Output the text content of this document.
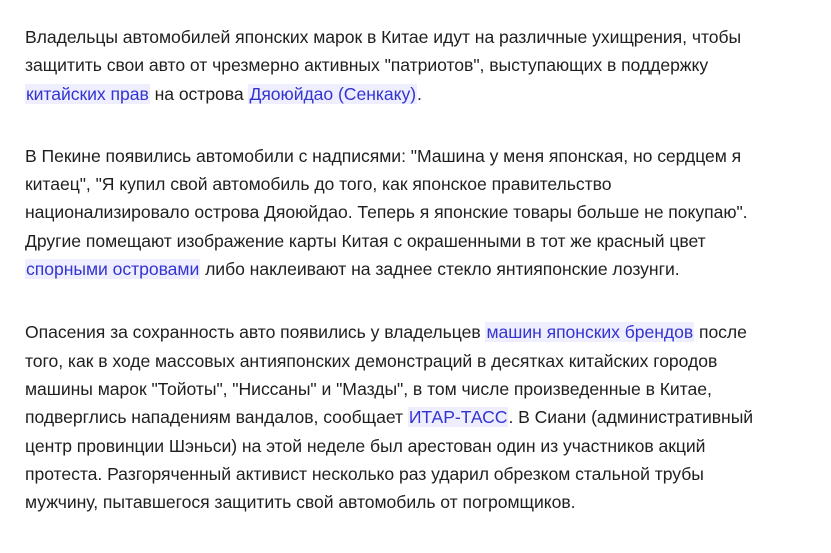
Владельцы автомобилей японских марок в Китае идут на различные ухищрения, чтобы
защитить свои авто от чрезмерно активных "патриотов", выступающих в поддержку
китайских прав на острова Дяоюйдао (Сенкаку).

В Пекине появились автомобили с надписями: "Машина у меня японская, но сердцем я
китаец", "Я купил свой автомобиль до того, как японское правительство
национализировало острова Дяоюйдао. Теперь я японские товары больше не покупаю".
Другие помещают изображение карты Китая с окрашенными в тот же красный цвет
спорными островами либо наклеивают на заднее стекло янтияпонские лозунги.

Опасения за сохранность авто появились у владельцев машин японских брендов после
того, как в ходе массовых антияпонских демонстраций в десятках китайских городов
машины марок "Тойоты", "Ниссаны" и "Мазды", в том числе произведенные в Китае,
подверглись нападениям вандалов, сообщает ИТАР-ТАСС. В Сиани (административный
центр провинции Шэньси) на этой неделе был арестован один из участников акций
протеста. Разгоряченный активист несколько раз ударил обрезком стальной трубы
мужчину, пытавшегося защитить свой автомобиль от погромщиков.
